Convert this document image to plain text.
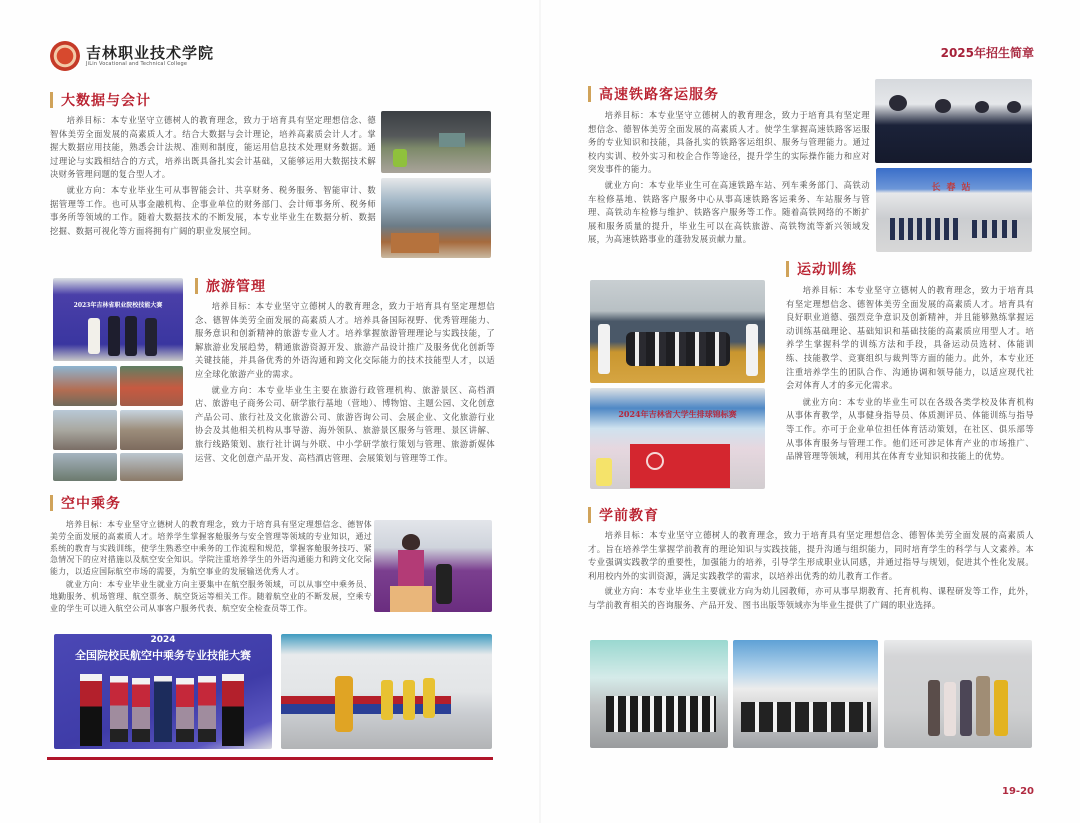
吉林职业技术学院
JiLin Vocational and Technical College
2025年招生简章
大数据与会计

培养目标：本专业坚守立德树人的教育理念，致力于培育具有坚定理想信念、德智体美劳全面发展的高素质人才。结合大数据与会计理论，培养高素质会计人才。掌握大数据应用技能，熟悉会计法规、准则和制度，能运用信息技术处理财务数据。通过理论与实践相结合的方式，培养出既具备扎实会计基础，又能够运用大数据技术解决财务管理问题的复合型人才。

就业方向：本专业毕业生可从事智能会计、共享财务、税务服务、智能审计、数据管理等工作。也可从事金融机构、企事业单位的财务部门、会计师事务所、税务师事务所等领域的工作。随着大数据技术的不断发展，本专业毕业生在数据分析、数据挖掘、数据可视化等方面将拥有广阔的职业发展空间。

2023年吉林省职业院校技能大赛
旅游管理

培养目标：本专业坚守立德树人的教育理念，致力于培育具有坚定理想信念、德智体美劳全面发展的高素质人才。培养具备国际视野、优秀管理能力、服务意识和创新精神的旅游专业人才。培养掌握旅游管理理论与实践技能，了解旅游业发展趋势，精通旅游资源开发、旅游产品设计推广及服务优化创新等关键技能，并具备优秀的外语沟通和跨文化交际能力的技术技能型人才，以适应全球化旅游产业的需求。

就业方向：本专业毕业生主要在旅游行政管理机构、旅游景区、高档酒店、旅游电子商务公司、研学旅行基地（营地）、博物馆、主题公园、文化创意产品公司、旅行社及文化旅游公司、旅游咨询公司、会展企业、文化旅游行业协会及其他相关机构从事导游、海外领队、旅游景区服务与管理、景区讲解、旅行线路策划、旅行社计调与外联、中小学研学旅行策划与管理、旅游新媒体运营、文化创意产品开发、高档酒店管理、会展策划与管理等工作。

空中乘务

培养目标：本专业坚守立德树人的教育理念，致力于培育具有坚定理想信念、德智体美劳全面发展的高素质人才。培养学生掌握客舱服务与安全管理等领域的专业知识，通过系统的教育与实践训练，使学生熟悉空中乘务的工作流程和规范，掌握客舱服务技巧、紧急情况下的应对措施以及航空安全知识。学院注重培养学生的外语沟通能力和跨文化交际能力，以适应国际航空市场的需要，为航空事业的发展输送优秀人才。

就业方向：本专业毕业生就业方向主要集中在航空服务领域，可以从事空中乘务员、地勤服务、机场管理、航空票务、航空货运等相关工作。随着航空业的不断发展，空乘专业的学生可以进入航空公司从事客户服务代表、航空安全检查员等工作。

2024
全国院校民航空中乘务专业技能大赛
高速铁路客运服务

培养目标：本专业坚守立德树人的教育理念，致力于培育具有坚定理想信念、德智体美劳全面发展的高素质人才。使学生掌握高速铁路客运服务的专业知识和技能，具备扎实的铁路客运组织、服务与管理能力。通过校内实训、校外实习和校企合作等途径，提升学生的实际操作能力和应对突发事件的能力。

就业方向：本专业毕业生可在高速铁路车站、列车乘务部门、高铁动车检修基地、铁路客户服务中心从事高速铁路客运乘务、车站服务与管理、高铁动车检修与维护、铁路客户服务等工作。随着高铁网络的不断扩展和服务质量的提升，毕业生可以在高铁旅游、高铁物流等新兴领域发展，为高速铁路事业的蓬勃发展贡献力量。

长春站
2024年吉林省大学生排球锦标赛
运动训练

培养目标：本专业坚守立德树人的教育理念，致力于培育具有坚定理想信念、德智体美劳全面发展的高素质人才。培育具有良好职业道德、强烈竞争意识及创新精神，并且能够熟练掌握运动训练基础理论、基础知识和基础技能的高素质应用型人才。培养学生掌握科学的训练方法和手段，具备运动员选材、体能训练、技能教学、竞赛组织与裁判等方面的能力。此外，本专业还注重培养学生的团队合作、沟通协调和领导能力，以适应现代社会对体育人才的多元化需求。

就业方向：本专业的毕业生可以在各级各类学校及体育机构从事体育教学，从事健身指导员、体质测评员、体能训练与指导等工作。亦可于企业单位担任体育活动策划，在社区、俱乐部等从事体育服务与管理工作。他们还可涉足体育产业的市场推广、品牌管理等领域，利用其在体育专业知识和技能上的优势。

学前教育

培养目标：本专业坚守立德树人的教育理念，致力于培育具有坚定理想信念、德智体美劳全面发展的高素质人才。旨在培养学生掌握学前教育的理论知识与实践技能，提升沟通与组织能力，同时培育学生的科学与人文素养。本专业强调实践教学的重要性，加强能力的培养，引导学生形成职业认同感，并通过指导与规划，促进其个性化发展。利用校内外的实训资源，满足实践教学的需求，以培养出优秀的幼儿教育工作者。

就业方向：本专业毕业生主要就业方向为幼儿园教师，亦可从事早期教育、托育机构、课程研发等工作，此外，与学前教育相关的咨询服务、产品开发、图书出版等领域亦为毕业生提供了广阔的职业选择。

19-20
